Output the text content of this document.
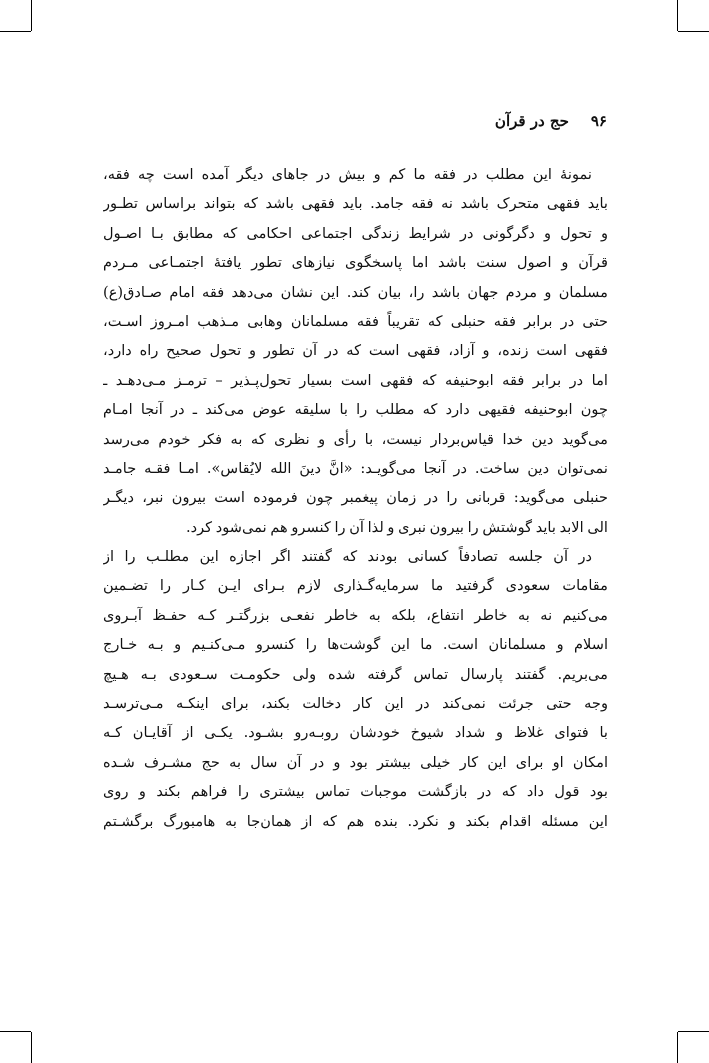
۹۶حج در قرآن
نمونهٔ این مطلب در فقه ما کم و بیش در جاهای دیگر آمده است چه فقه،
باید فقهی متحرک باشد نه فقه جامد. باید فقهی باشد که بتواند براساس تطـور
و تحول و دگرگونی در شرایط زندگی اجتماعی احکامی که مطابق بـا اصـول
قرآن و اصول سنت باشد اما پاسخگوی نیازهای تطور یافتهٔ اجتمـاعی مـردم
مسلمان و مردم جهان باشد را، بیان کند. این نشان می‌دهد فقه امام صـادق(ع)
حتی در برابر فقه حنبلی که تقریباً فقه مسلمانان وهابی مـذهب امـروز اسـت،
فقهی است زنده، و آزاد، فقهی است که در آن تطور و تحول صحیح راه دارد،
اما در برابر فقه ابوحنیفه که فقهی است بسیار تحول‌پـذیر – ترمـز مـی‌دهـد ـ
چون ابوحنیفه فقیهی دارد که مطلب را با سلیقه عوض می‌کند ـ در آنجا امـام
می‌گوید دین خدا قیاس‌بردار نیست، با رأی و نظری که به فکر خودم می‌رسد
نمی‌توان دین ساخت. در آنجا می‌گویـد: «انَّ دینَ الله لایُقاس». امـا فقـه جامـد
حنبلی می‌گوید: قربانی را در زمان پیغمبر چون فرموده است بیرون نبر، دیگـر
الی الابد باید گوشتش را بیرون نبری و لذا آن را کنسرو هم نمی‌شود کرد.
در آن جلسه تصادفاً کسانی بودند که گفتند اگر اجازه این مطلـب را از
مقامات سعودی گرفتید ما سرمایه‌گـذاری لازم بـرای ایـن کـار را تضـمین
می‌کنیم نه به خاطر انتفاع، بلکه به خاطر نفعـی بزرگتـر کـه حفـظ آبـروی
اسلام و مسلمانان است. ما این گوشت‌ها را کنسرو مـی‌کنـیم و بـه خـارج
می‌بریم. گفتند پارسال تماس گرفته شده ولی حکومـت سـعودی بـه هـیچ
وجه حتی جرئت نمی‌کند در این کار دخالت بکند، برای اینکـه مـی‌ترسـد
با فتوای غلاظ و شداد شیوخ خودشان روبـه‌رو بشـود. یکـی از آقایـان کـه
امکان او برای این کار خیلی بیشتر بود و در آن سال به حج مشـرف شـده
بود قول داد که در بازگشت موجبات تماس بیشتری را فراهم بکند و روی
این مسئله اقدام بکند و نکرد. بنده هم که از همان‌جا به هامبورگ برگشـتم
